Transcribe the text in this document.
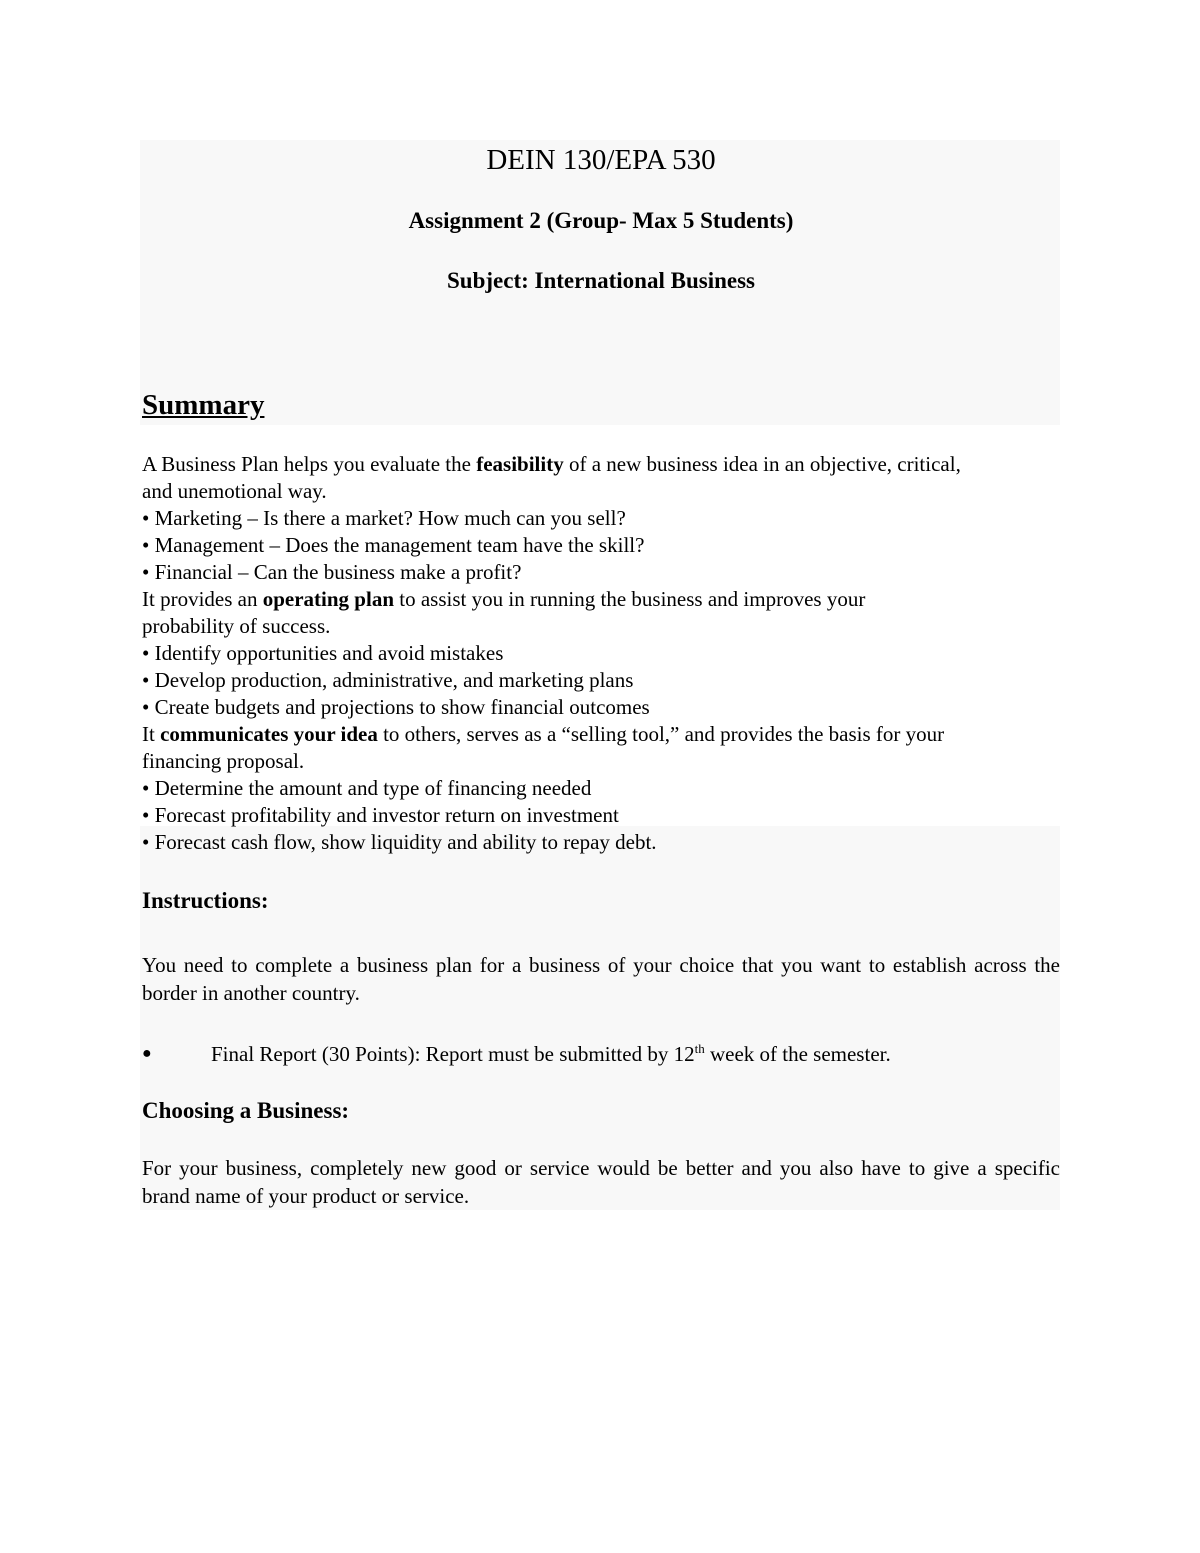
DEIN 130/EPA 530
Assignment 2 (Group- Max 5 Students)
Subject: International Business
Summary
A Business Plan helps you evaluate the feasibility of a new business idea in an objective, critical,
and unemotional way.
• Marketing – Is there a market? How much can you sell?
• Management – Does the management team have the skill?
• Financial – Can the business make a profit?
It provides an operating plan to assist you in running the business and improves your
probability of success.
• Identify opportunities and avoid mistakes
• Develop production, administrative, and marketing plans
• Create budgets and projections to show financial outcomes
It communicates your idea to others, serves as a “selling tool,” and provides the basis for your
financing proposal.
• Determine the amount and type of financing needed
• Forecast profitability and investor return on investment
• Forecast cash flow, show liquidity and ability to repay debt.
Instructions:
You need to complete a business plan for a business of your choice that you want to establish across the border in another country.
●	Final Report (30 Points): Report must be submitted by 12th week of the semester.
Choosing a Business:
For your business, completely new good or service would be better and you also have to give a specific brand name of your product or service.
